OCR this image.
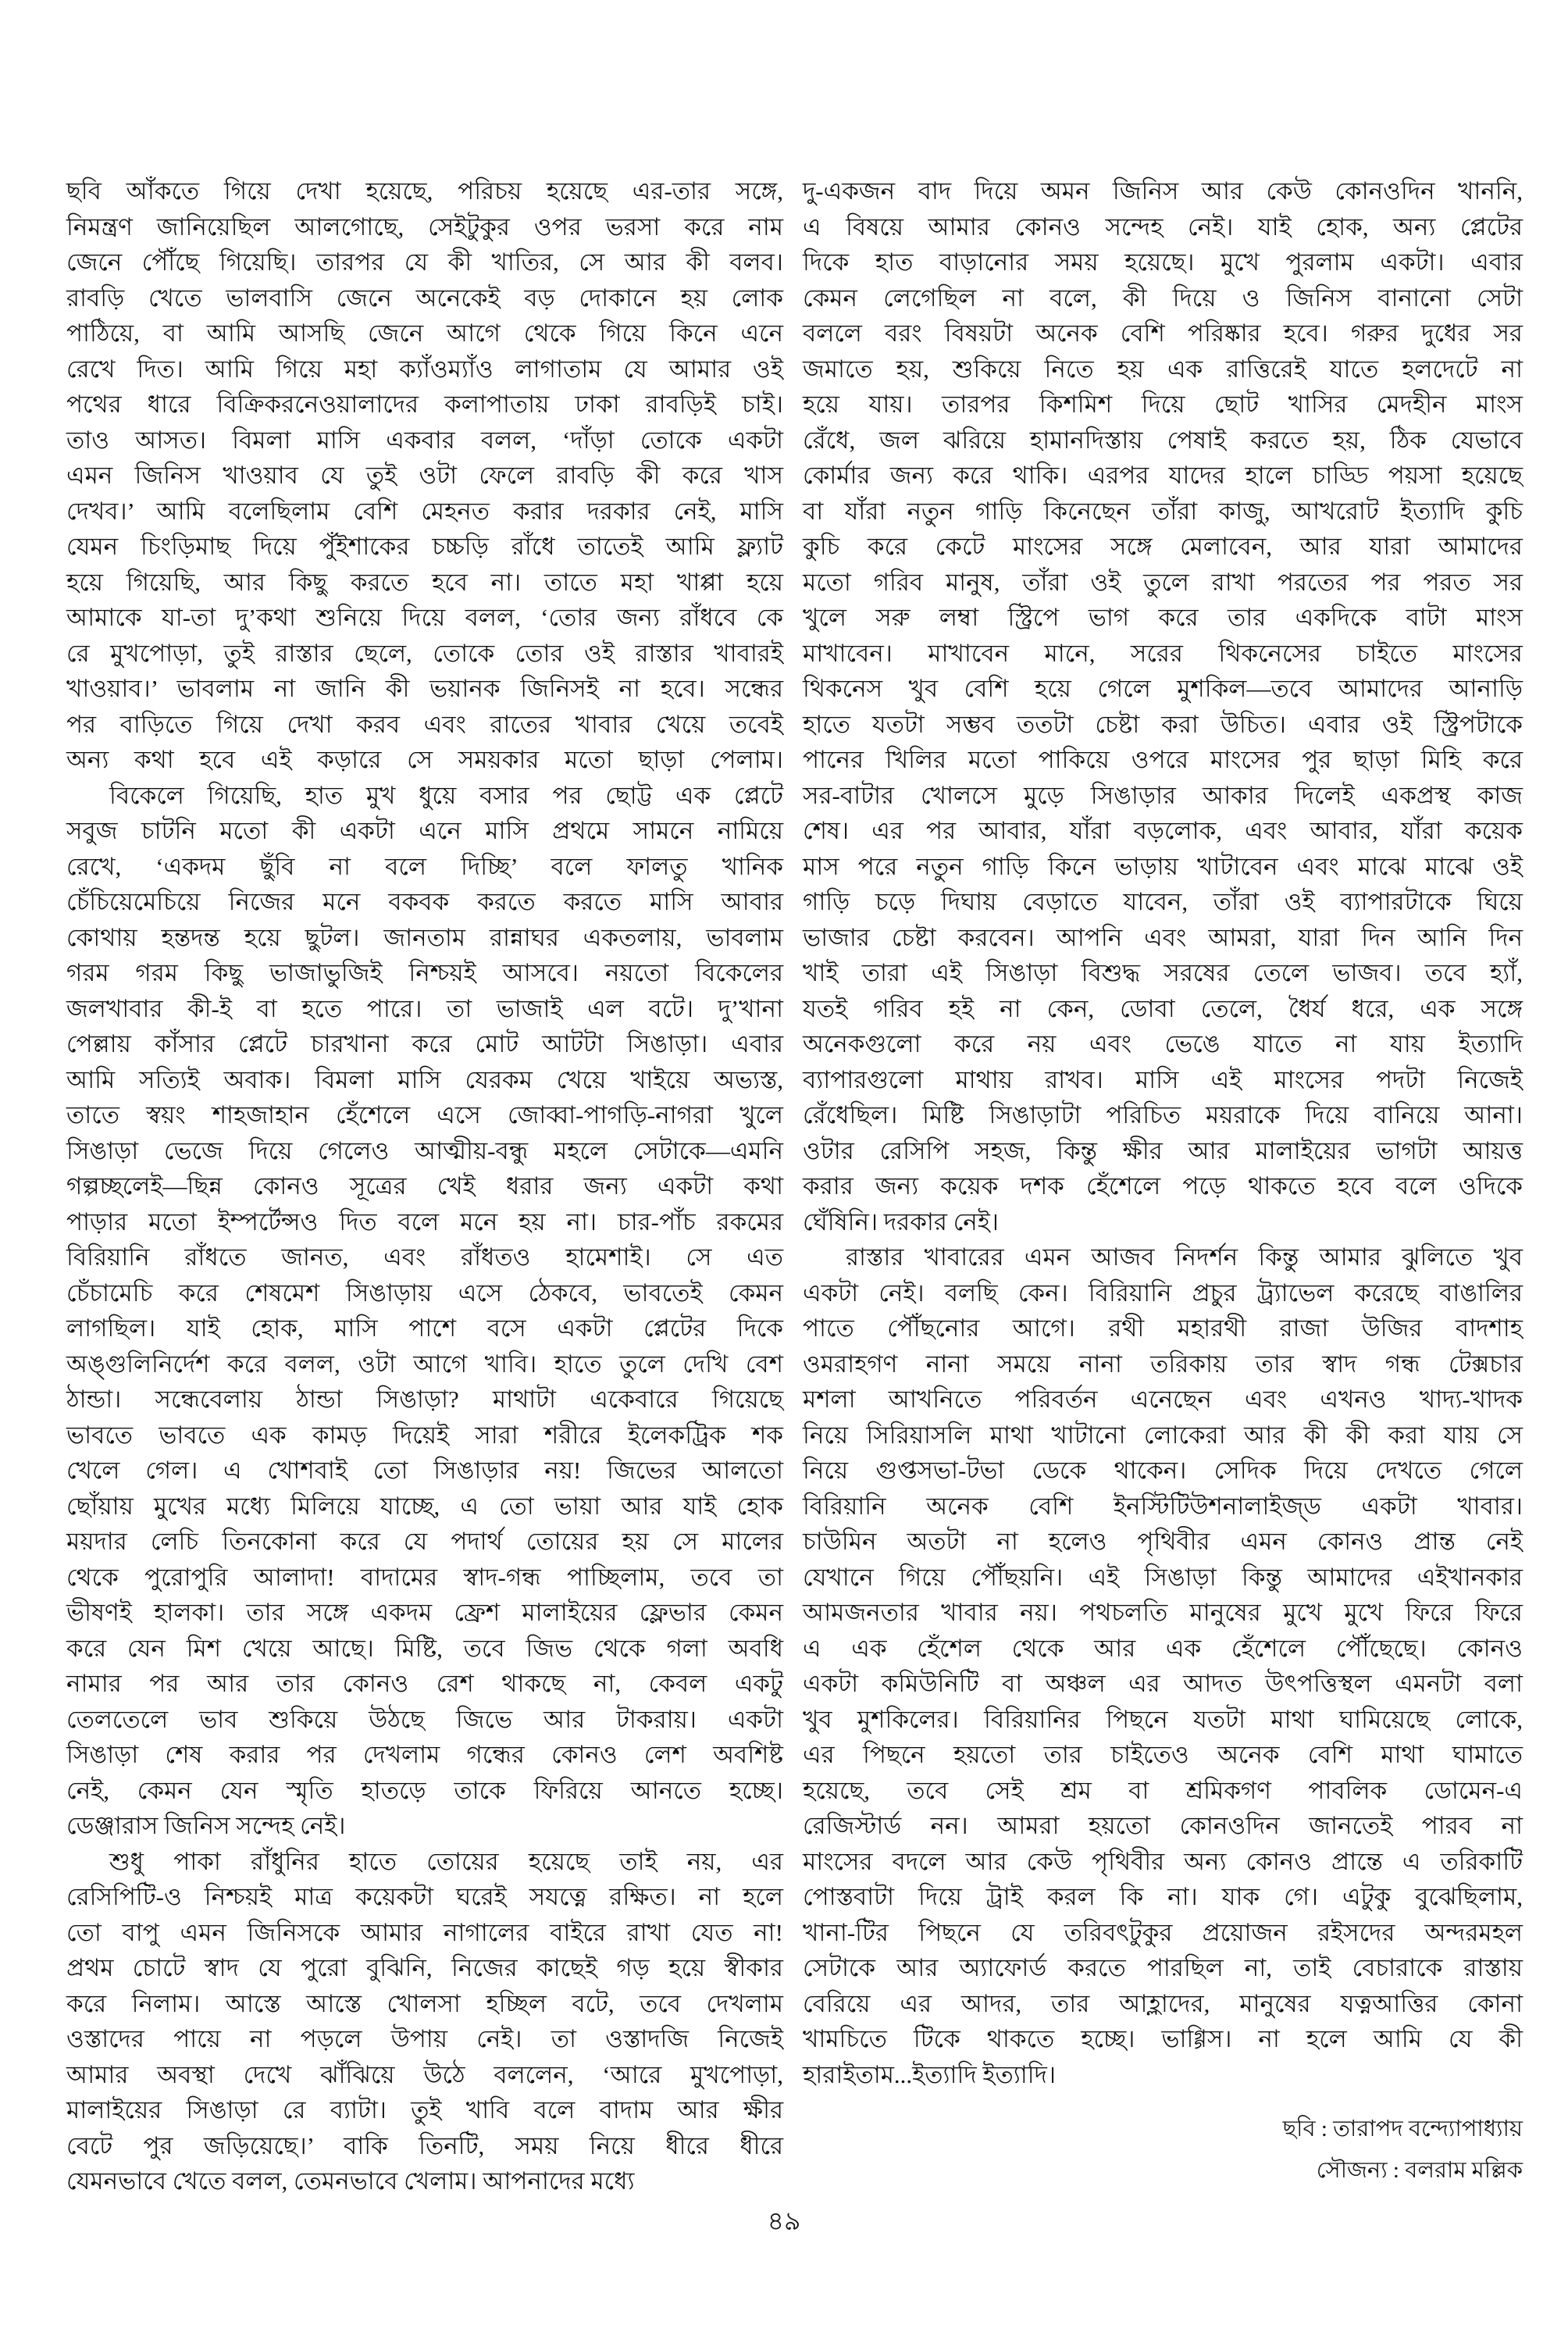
ছবি আঁকতে গিয়ে দেখা হয়েছে, পরিচয় হয়েছে এর-তার সঙ্গে,
নিমন্ত্রণ জানিয়েছিল আলগোছে, সেইটুকুর ওপর ভরসা করে নাম
জেনে পৌঁছে গিয়েছি। তারপর যে কী খাতির, সে আর কী বলব।
রাবড়ি খেতে ভালবাসি জেনে অনেকেই বড় দোকানে হয় লোক
পাঠিয়ে, বা আমি আসছি জেনে আগে থেকে গিয়ে কিনে এনে
রেখে দিত। আমি গিয়ে মহা ক্যাঁওম্যাঁও লাগাতাম যে আমার ওই
পথের ধারে বিক্রিকরনেওয়ালাদের কলাপাতায় ঢাকা রাবড়িই চাই।
তাও আসত। বিমলা মাসি একবার বলল, ‘দাঁড়া তোকে একটা
এমন জিনিস খাওয়াব যে তুই ওটা ফেলে রাবড়ি কী করে খাস
দেখব।’ আমি বলেছিলাম বেশি মেহনত করার দরকার নেই, মাসি
যেমন চিংড়িমাছ দিয়ে পুঁইশাকের চচ্চড়ি রাঁধে তাতেই আমি ফ্ল্যাট
হয়ে গিয়েছি, আর কিছু করতে হবে না। তাতে মহা খাপ্পা হয়ে
আমাকে যা-তা দু’কথা শুনিয়ে দিয়ে বলল, ‘তোর জন্য রাঁধবে কে
রে মুখপোড়া, তুই রাস্তার ছেলে, তোকে তোর ওই রাস্তার খাবারই
খাওয়াব।’ ভাবলাম না জানি কী ভয়ানক জিনিসই না হবে। সন্ধের
পর বাড়িতে গিয়ে দেখা করব এবং রাতের খাবার খেয়ে তবেই
অন্য কথা হবে এই কড়ারে সে সময়কার মতো ছাড়া পেলাম।
বিকেলে গিয়েছি, হাত মুখ ধুয়ে বসার পর ছোট্ট এক প্লেটে
সবুজ চাটনি মতো কী একটা এনে মাসি প্রথমে সামনে নামিয়ে
রেখে, ‘একদম ছুঁবি না বলে দিচ্ছি’ বলে ফালতু খানিক
চেঁচিয়েমেচিয়ে নিজের মনে বকবক করতে করতে মাসি আবার
কোথায় হন্তদন্ত হয়ে ছুটল। জানতাম রান্নাঘর একতলায়, ভাবলাম
গরম গরম কিছু ভাজাভুজিই নিশ্চয়ই আসবে। নয়তো বিকেলের
জলখাবার কী-ই বা হতে পারে। তা ভাজাই এল বটে। দু’খানা
পেল্লায় কাঁসার প্লেটে চারখানা করে মোট আটটা সিঙাড়া। এবার
আমি সত্যিই অবাক। বিমলা মাসি যেরকম খেয়ে খাইয়ে অভ্যস্ত,
তাতে স্বয়ং শাহজাহান হেঁশেলে এসে জোব্বা-পাগড়ি-নাগরা খুলে
সিঙাড়া ভেজে দিয়ে গেলেও আত্মীয়-বন্ধু মহলে সেটাকে—এমনি
গল্পচ্ছলেই—ছিন্ন কোনও সূত্রের খেই ধরার জন্য একটা কথা
পাড়ার মতো ইম্পর্টেন্সও দিত বলে মনে হয় না। চার-পাঁচ রকমের
বিরিয়ানি রাঁধতে জানত, এবং রাঁধতও হামেশাই। সে এত
চেঁচামেচি করে শেষমেশ সিঙাড়ায় এসে ঠেকবে, ভাবতেই কেমন
লাগছিল। যাই হোক, মাসি পাশে বসে একটা প্লেটের দিকে
অঙ্গুলিনির্দেশ করে বলল, ওটা আগে খাবি। হাতে তুলে দেখি বেশ
ঠান্ডা। সন্ধেবেলায় ঠান্ডা সিঙাড়া? মাথাটা একেবারে গিয়েছে
ভাবতে ভাবতে এক কামড় দিয়েই সারা শরীরে ইলেকট্রিক শক
খেলে গেল। এ খোশবাই তো সিঙাড়ার নয়! জিভের আলতো
ছোঁয়ায় মুখের মধ্যে মিলিয়ে যাচ্ছে, এ তো ভায়া আর যাই হোক
ময়দার লেচি তিনকোনা করে যে পদার্থ তোয়ের হয় সে মালের
থেকে পুরোপুরি আলাদা! বাদামের স্বাদ-গন্ধ পাচ্ছিলাম, তবে তা
ভীষণই হালকা। তার সঙ্গে একদম ফ্রেশ মালাইয়ের ফ্লেভার কেমন
করে যেন মিশ খেয়ে আছে। মিষ্টি, তবে জিভ থেকে গলা অবধি
নামার পর আর তার কোনও রেশ থাকছে না, কেবল একটু
তেলতেলে ভাব শুকিয়ে উঠছে জিভে আর টাকরায়। একটা
সিঙাড়া শেষ করার পর দেখলাম গন্ধের কোনও লেশ অবশিষ্ট
নেই, কেমন যেন স্মৃতি হাতড়ে তাকে ফিরিয়ে আনতে হচ্ছে।
ডেঞ্জারাস জিনিস সন্দেহ নেই।
শুধু পাকা রাঁধুনির হাতে তোয়ের হয়েছে তাই নয়, এর
রেসিপিটি-ও নিশ্চয়ই মাত্র কয়েকটা ঘরেই সযত্নে রক্ষিত। না হলে
তো বাপু এমন জিনিসকে আমার নাগালের বাইরে রাখা যেত না!
প্রথম চোটে স্বাদ যে পুরো বুঝিনি, নিজের কাছেই গড় হয়ে স্বীকার
করে নিলাম। আস্তে আস্তে খোলসা হচ্ছিল বটে, তবে দেখলাম
ওস্তাদের পায়ে না পড়লে উপায় নেই। তা ওস্তাদজি নিজেই
আমার অবস্থা দেখে ঝাঁঝিয়ে উঠে বললেন, ‘আরে মুখপোড়া,
মালাইয়ের সিঙাড়া রে ব্যাটা। তুই খাবি বলে বাদাম আর ক্ষীর
বেটে পুর জড়িয়েছে।’ বাকি তিনটি, সময় নিয়ে ধীরে ধীরে
যেমনভাবে খেতে বলল, তেমনভাবে খেলাম। আপনাদের মধ্যে
দু-একজন বাদ দিয়ে অমন জিনিস আর কেউ কোনওদিন খাননি,
এ বিষয়ে আমার কোনও সন্দেহ নেই। যাই হোক, অন্য প্লেটের
দিকে হাত বাড়ানোর সময় হয়েছে। মুখে পুরলাম একটা। এবার
কেমন লেগেছিল না বলে, কী দিয়ে ও জিনিস বানানো সেটা
বললে বরং বিষয়টা অনেক বেশি পরিষ্কার হবে। গরুর দুধের সর
জমাতে হয়, শুকিয়ে নিতে হয় এক রাত্তিরেই যাতে হলদেটে না
হয়ে যায়। তারপর কিশমিশ দিয়ে ছোট খাসির মেদহীন মাংস
রেঁধে, জল ঝরিয়ে হামানদিস্তায় পেষাই করতে হয়, ঠিক যেভাবে
কোর্মার জন্য করে থাকি। এরপর যাদের হালে চাড্ডি পয়সা হয়েছে
বা যাঁরা নতুন গাড়ি কিনেছেন তাঁরা কাজু, আখরোট ইত্যাদি কুচি
কুচি করে কেটে মাংসের সঙ্গে মেলাবেন, আর যারা আমাদের
মতো গরিব মানুষ, তাঁরা ওই তুলে রাখা পরতের পর পরত সর
খুলে সরু লম্বা স্ট্রিপে ভাগ করে তার একদিকে বাটা মাংস
মাখাবেন। মাখাবেন মানে, সরের থিকনেসের চাইতে মাংসের
থিকনেস খুব বেশি হয়ে গেলে মুশকিল—তবে আমাদের আনাড়ি
হাতে যতটা সম্ভব ততটা চেষ্টা করা উচিত। এবার ওই স্ট্রিপটাকে
পানের খিলির মতো পাকিয়ে ওপরে মাংসের পুর ছাড়া মিহি করে
সর-বাটার খোলসে মুড়ে সিঙাড়ার আকার দিলেই একপ্রস্থ কাজ
শেষ। এর পর আবার, যাঁরা বড়লোক, এবং আবার, যাঁরা কয়েক
মাস পরে নতুন গাড়ি কিনে ভাড়ায় খাটাবেন এবং মাঝে মাঝে ওই
গাড়ি চড়ে দিঘায় বেড়াতে যাবেন, তাঁরা ওই ব্যাপারটাকে ঘিয়ে
ভাজার চেষ্টা করবেন। আপনি এবং আমরা, যারা দিন আনি দিন
খাই তারা এই সিঙাড়া বিশুদ্ধ সরষের তেলে ভাজব। তবে হ্যাঁ,
যতই গরিব হই না কেন, ডোবা তেলে, ধৈর্য ধরে, এক সঙ্গে
অনেকগুলো করে নয় এবং ভেঙে যাতে না যায় ইত্যাদি
ব্যাপারগুলো মাথায় রাখব। মাসি এই মাংসের পদটা নিজেই
রেঁধেছিল। মিষ্টি সিঙাড়াটা পরিচিত ময়রাকে দিয়ে বানিয়ে আনা।
ওটার রেসিপি সহজ, কিন্তু ক্ষীর আর মালাইয়ের ভাগটা আয়ত্ত
করার জন্য কয়েক দশক হেঁশেলে পড়ে থাকতে হবে বলে ওদিকে
ঘেঁষিনি। দরকার নেই।
রাস্তার খাবারের এমন আজব নিদর্শন কিন্তু আমার ঝুলিতে খুব
একটা নেই। বলছি কেন। বিরিয়ানি প্রচুর ট্র্যাভেল করেছে বাঙালির
পাতে পৌঁছনোর আগে। রথী মহারথী রাজা উজির বাদশাহ
ওমরাহগণ নানা সময়ে নানা তরিকায় তার স্বাদ গন্ধ টেক্সচার
মশলা আখনিতে পরিবর্তন এনেছেন এবং এখনও খাদ্য-খাদক
নিয়ে সিরিয়াসলি মাথা খাটানো লোকেরা আর কী কী করা যায় সে
নিয়ে গুপ্তসভা-টভা ডেকে থাকেন। সেদিক দিয়ে দেখতে গেলে
বিরিয়ানি অনেক বেশি ইনস্টিটিউশনালাইজ্ড একটা খাবার।
চাউমিন অতটা না হলেও পৃথিবীর এমন কোনও প্রান্ত নেই
যেখানে গিয়ে পৌঁছয়নি। এই সিঙাড়া কিন্তু আমাদের এইখানকার
আমজনতার খাবার নয়। পথচলতি মানুষের মুখে মুখে ফিরে ফিরে
এ এক হেঁশেল থেকে আর এক হেঁশেলে পৌঁছেছে। কোনও
একটা কমিউনিটি বা অঞ্চল এর আদত উৎপত্তিস্থল এমনটা বলা
খুব মুশকিলের। বিরিয়ানির পিছনে যতটা মাথা ঘামিয়েছে লোকে,
এর পিছনে হয়তো তার চাইতেও অনেক বেশি মাথা ঘামাতে
হয়েছে, তবে সেই শ্রম বা শ্রমিকগণ পাবলিক ডোমেন-এ
রেজিস্টার্ড নন। আমরা হয়তো কোনওদিন জানতেই পারব না
মাংসের বদলে আর কেউ পৃথিবীর অন্য কোনও প্রান্তে এ তরিকাটি
পোস্তবাটা দিয়ে ট্রাই করল কি না। যাক গে। এটুকু বুঝেছিলাম,
খানা-টির পিছনে যে তরিবৎটুকুর প্রয়োজন রইসদের অন্দরমহল
সেটাকে আর অ্যাফোর্ড করতে পারছিল না, তাই বেচারাকে রাস্তায়
বেরিয়ে এর আদর, তার আহ্লাদের, মানুষের যত্নআত্তির কোনা
খামচিতে টিকে থাকতে হচ্ছে। ভাগ্গিস। না হলে আমি যে কী
হারাইতাম...ইত্যাদি ইত্যাদি।
ছবি : তারাপদ বন্দ্যোপাধ্যায়
সৌজন্য : বলরাম মল্লিক
৪৯
